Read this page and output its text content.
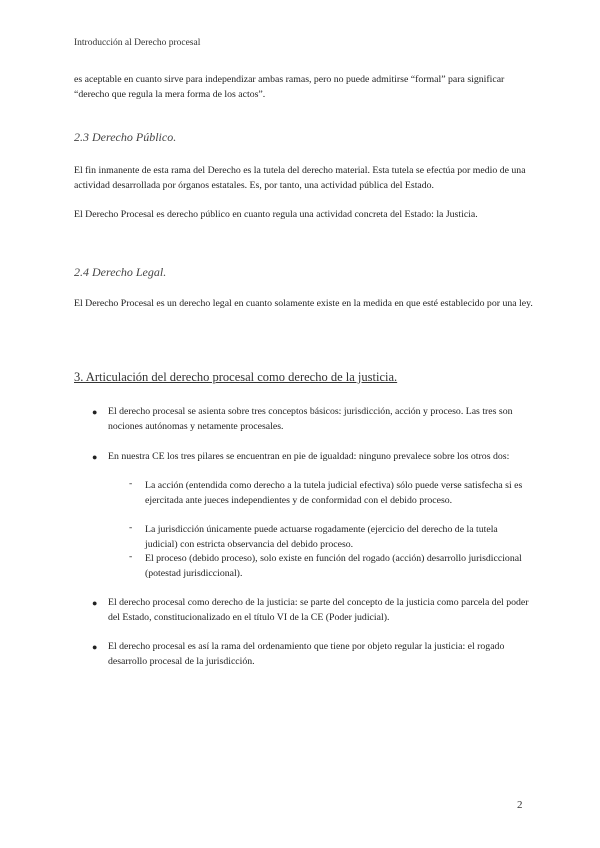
Introducción al Derecho procesal

es aceptable en cuanto sirve para independizar ambas ramas, pero no puede admitirse “formal” para significar “derecho que regula la mera forma de los actos”.

2.3 Derecho Público.

El fin inmanente de esta rama del Derecho es la tutela del derecho material. Esta tutela se efectúa por medio de una actividad desarrollada por órganos estatales. Es, por tanto, una actividad pública del Estado.

El Derecho Procesal es derecho público en cuanto regula una actividad concreta del Estado: la Justicia.

2.4 Derecho Legal.

El Derecho Procesal es un derecho legal en cuanto solamente existe en la medida en que esté establecido por una ley.

3. Articulación del derecho procesal como derecho de la justicia.
● El derecho procesal se asienta sobre tres conceptos básicos: jurisdicción, acción y proceso. Las tres son nociones autónomas y netamente procesales.

● En nuestra CE los tres pilares se encuentran en pie de igualdad: ninguno prevalece sobre los otros dos:

- La acción (entendida como derecho a la tutela judicial efectiva) sólo puede verse satisfecha si es ejercitada ante jueces independientes y de conformidad con el debido proceso.

- La jurisdicción únicamente puede actuarse rogadamente (ejercicio del derecho de la tutela judicial) con estricta observancia del debido proceso.

- El proceso (debido proceso), solo existe en función del rogado (acción) desarrollo jurisdiccional (potestad jurisdiccional).

● El derecho procesal como derecho de la justicia: se parte del concepto de la justicia como parcela del poder del Estado, constitucionalizado en el título VI de la CE (Poder judicial).

● El derecho procesal es así la rama del ordenamiento que tiene por objeto regular la justicia: el rogado desarrollo procesal de la jurisdicción.

2
